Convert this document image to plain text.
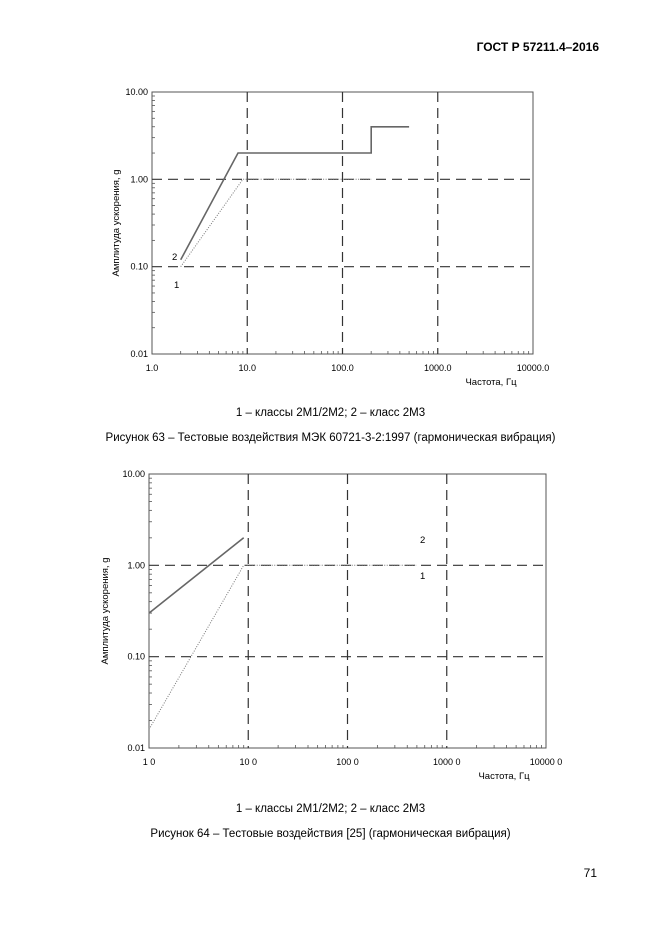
ГОСТ Р 57211.4–2016
1.0	10.0	100.0	1000.0	10000.0
0.01
0.10
1.00
10.00
Частота, Гц
Амплитуда ускорения, g
1
2
1 0	10 0	100 0	1000 0	10000 0
0.01
0.10
1.00
10.00
Частота, Гц
Амплитуда ускорения, g	1
2
1 – классы 2М1/2М2; 2 – класс 2М3
Рисунок 63 – Тестовые воздействия МЭК 60721-3-2:1997 (гармоническая вибрация)
1 – классы 2М1/2М2; 2 – класс 2М3
Рисунок 64 – Тестовые воздействия [25] (гармоническая вибрация)
71
